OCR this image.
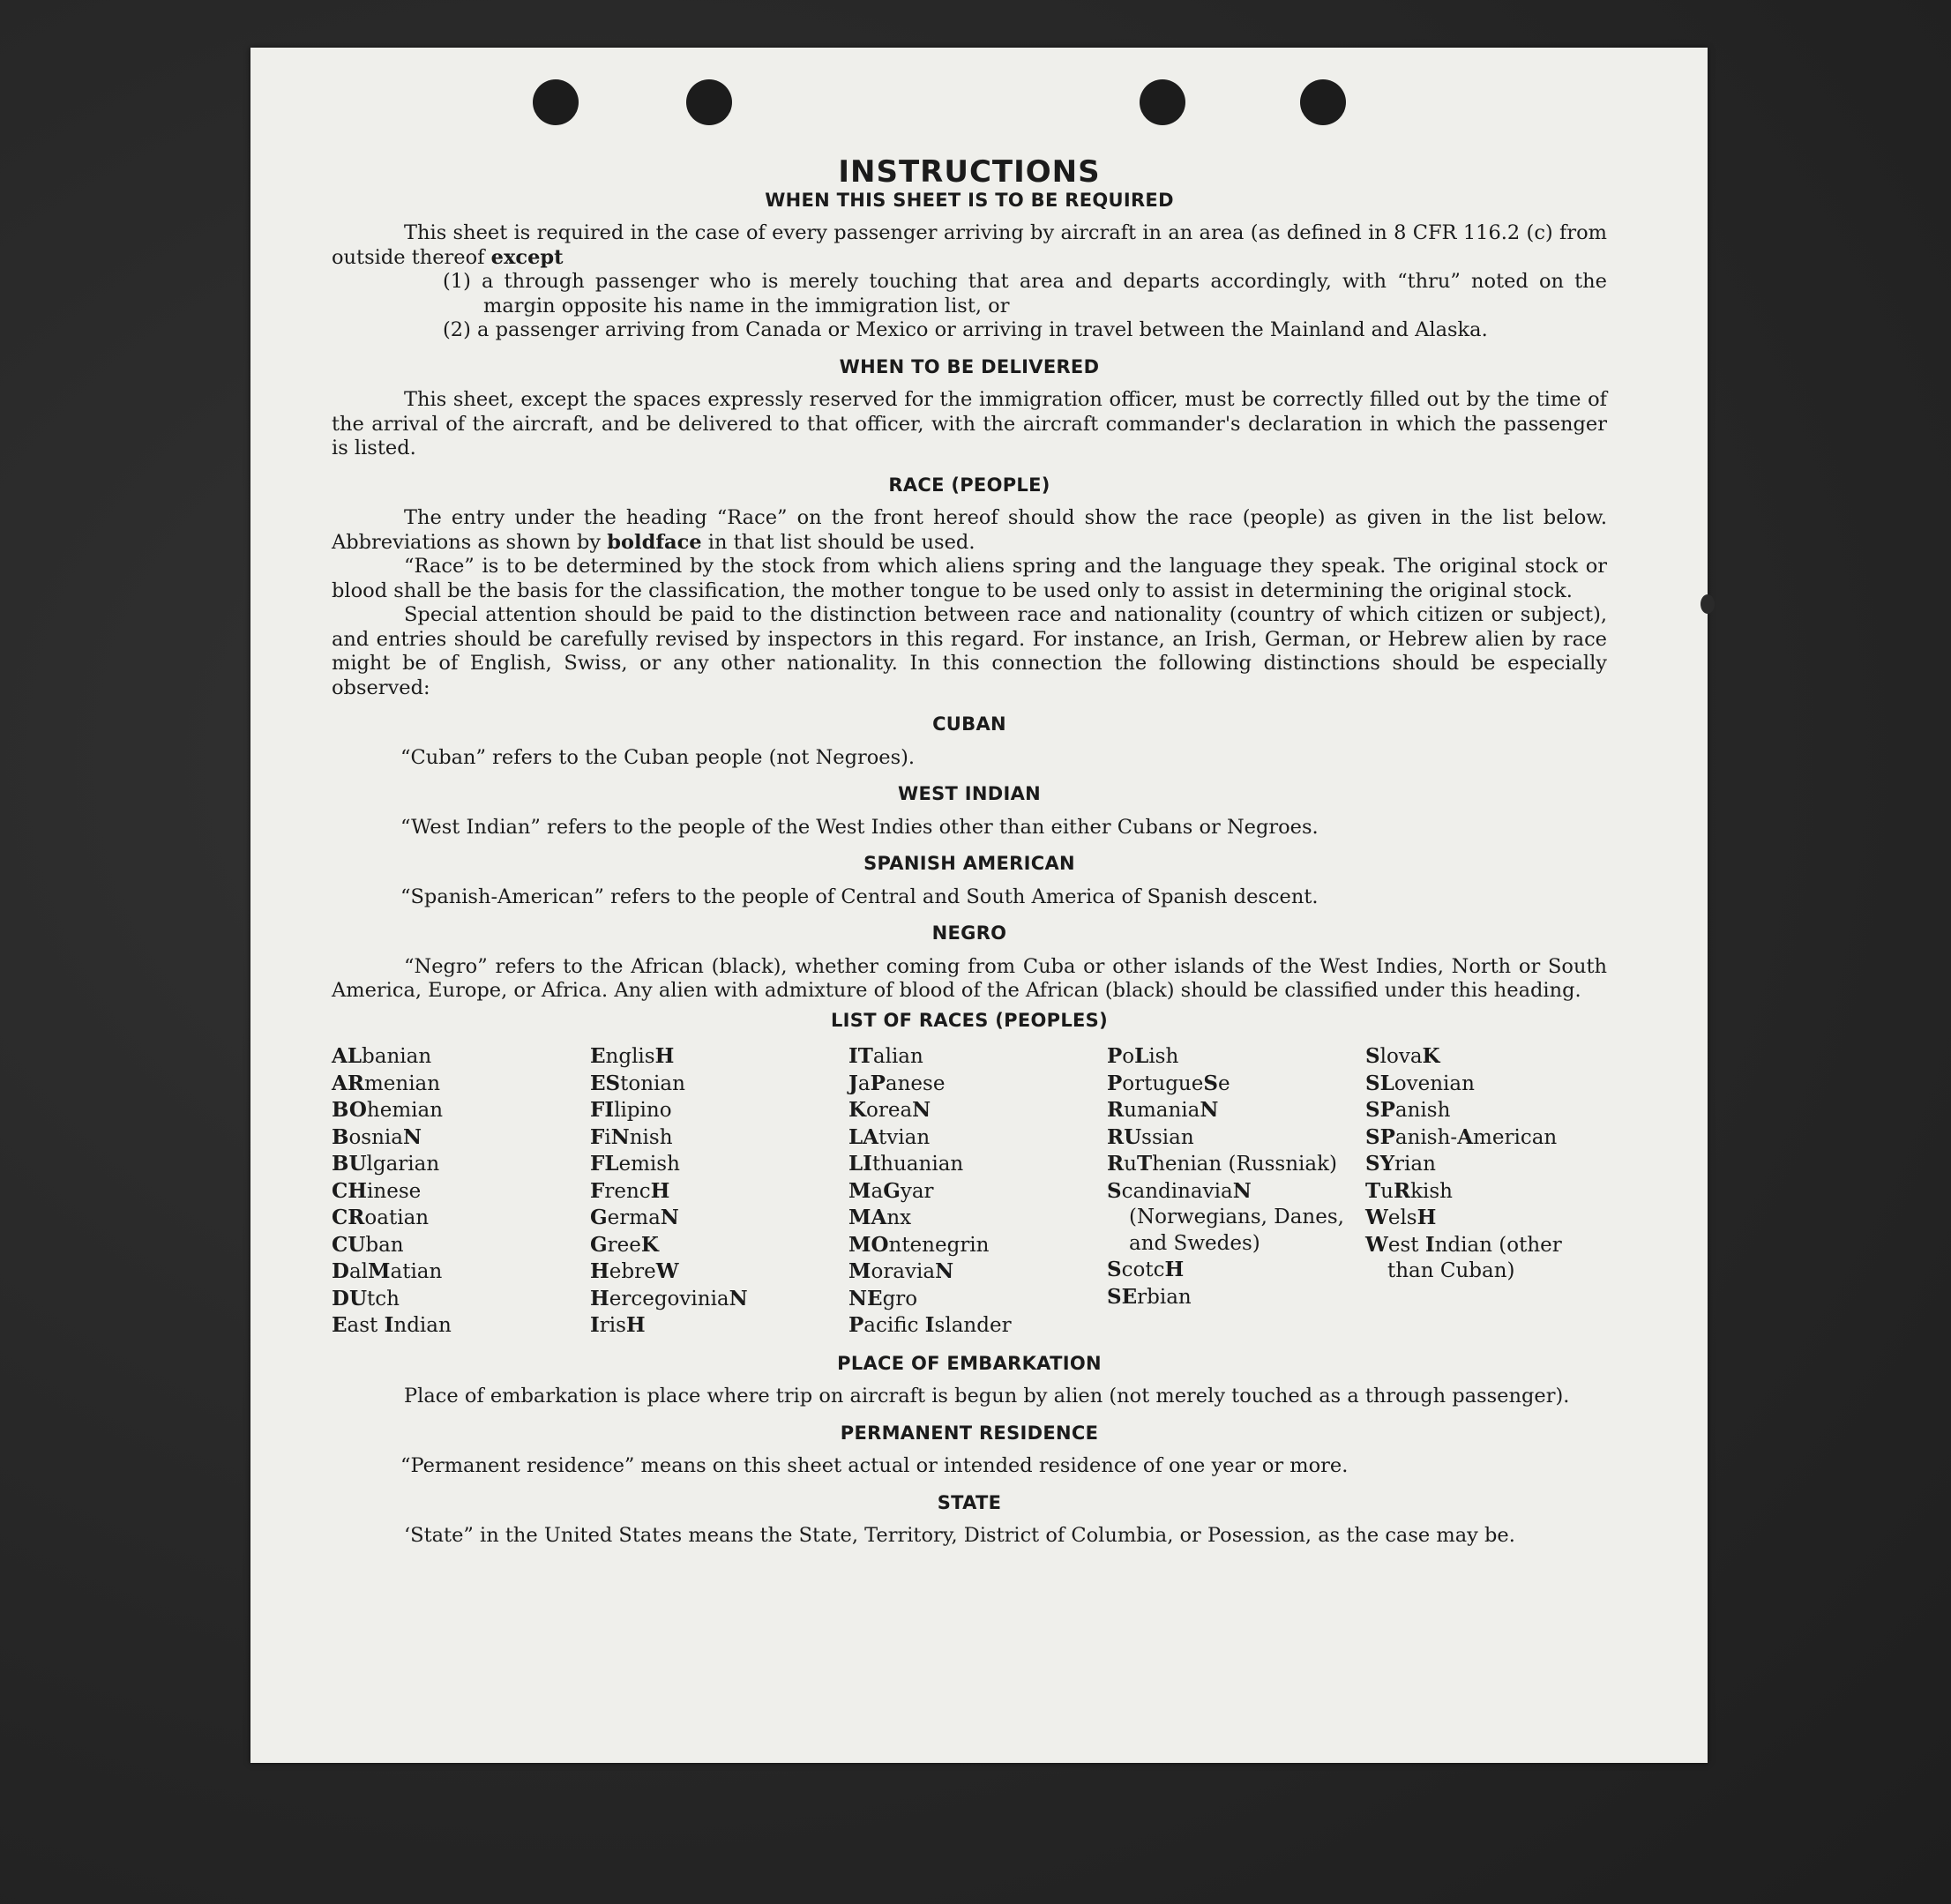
INSTRUCTIONS
WHEN THIS SHEET IS TO BE REQUIRED

This sheet is required in the case of every passenger arriving by aircraft in an area (as defined in 8 CFR 116.2 (c) from outside thereof except

(1) a through passenger who is merely touching that area and departs accordingly, with “thru” noted on the margin opposite his name in the immigration list, or

(2) a passenger arriving from Canada or Mexico or arriving in travel between the Mainland and Alaska.

WHEN TO BE DELIVERED

This sheet, except the spaces expressly reserved for the immigration officer, must be correctly filled out by the time of the arrival of the aircraft, and be delivered to that officer, with the aircraft commander's declaration in which the passenger is listed.

RACE (PEOPLE)

The entry under the heading “Race” on the front hereof should show the race (people) as given in the list below. Abbreviations as shown by boldface in that list should be used.

“Race” is to be determined by the stock from which aliens spring and the language they speak. The original stock or blood shall be the basis for the classification, the mother tongue to be used only to assist in determining the original stock.

Special attention should be paid to the distinction between race and nationality (country of which citizen or subject), and entries should be carefully revised by inspectors in this regard. For instance, an Irish, German, or Hebrew alien by race might be of English, Swiss, or any other nationality. In this connection the following distinctions should be especially observed:

CUBAN

“Cuban” refers to the Cuban people (not Negroes).

WEST INDIAN

“West Indian” refers to the people of the West Indies other than either Cubans or Negroes.

SPANISH AMERICAN

“Spanish-American” refers to the people of Central and South America of Spanish descent.

NEGRO

“Negro” refers to the African (black), whether coming from Cuba or other islands of the West Indies, North or South America, Europe, or Africa. Any alien with admixture of blood of the African (black) should be classified under this heading.

LIST OF RACES (PEOPLES)
ALbanian
ARmenian
BOhemian
BosniaN
BUlgarian
CHinese
CRoatian
CUban
DalMatian
DUtch
East Indian
EnglisH
EStonian
FIlipino
FiNnish
FLemish
FrencH
GermaN
GreeK
HebreW
HercegoviniaN
IrisH
ITalian
JaPanese
KoreaN
LAtvian
LIthuanian
MaGyar
MAnx
MOntenegrin
MoraviaN
NEgro
Pacific Islander
PoLish
PortugueSe
RumaniaN
RUssian
RuThenian (Russniak)
ScandinaviaN (Norwegians, Danes, and Swedes)
ScotcH
SErbian
SlovaK
SLovenian
SPanish
SPanish-American
SYrian
TuRkish
WelsH
West Indian (other than Cuban)
PLACE OF EMBARKATION

Place of embarkation is place where trip on aircraft is begun by alien (not merely touched as a through passenger).

PERMANENT RESIDENCE

“Permanent residence” means on this sheet actual or intended residence of one year or more.

STATE

‘State” in the United States means the State, Territory, District of Columbia, or Posession, as the case may be.
